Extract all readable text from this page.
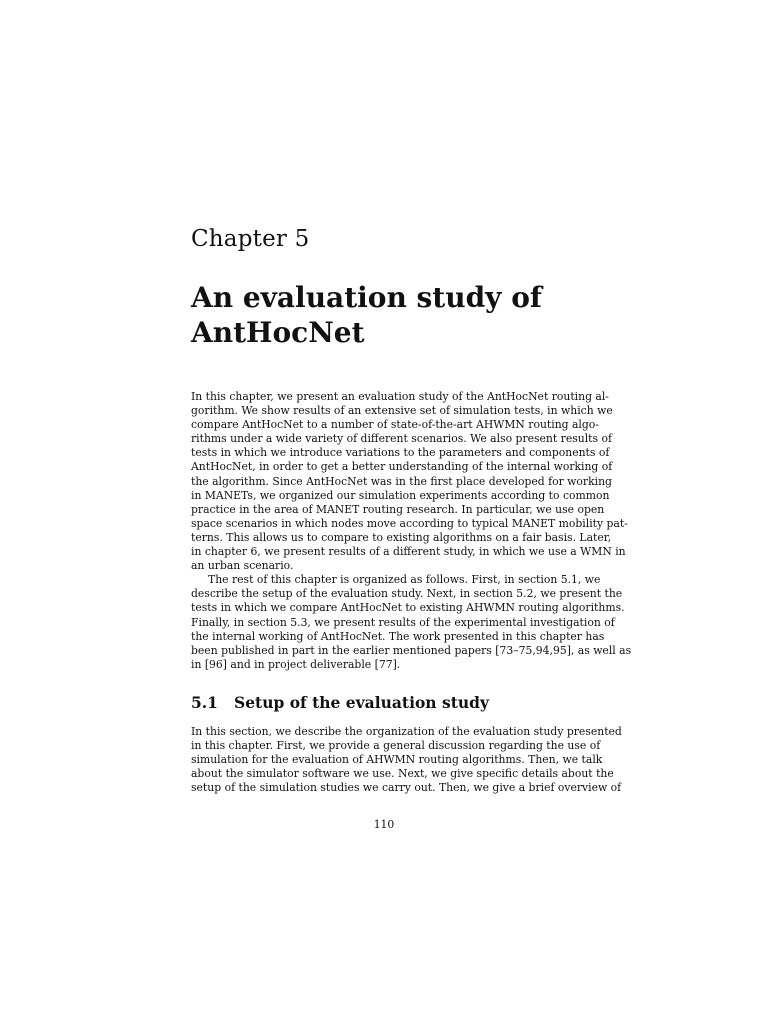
Chapter 5
An evaluation study of
AntHocNet
In this chapter, we present an evaluation study of the AntHocNet routing al-
gorithm. We show results of an extensive set of simulation tests, in which we
compare AntHocNet to a number of state-of-the-art AHWMN routing algo-
rithms under a wide variety of different scenarios. We also present results of
tests in which we introduce variations to the parameters and components of
AntHocNet, in order to get a better understanding of the internal working of
the algorithm. Since AntHocNet was in the first place developed for working
in MANETs, we organized our simulation experiments according to common
practice in the area of MANET routing research. In particular, we use open
space scenarios in which nodes move according to typical MANET mobility pat-
terns. This allows us to compare to existing algorithms on a fair basis. Later,
in chapter 6, we present results of a different study, in which we use a WMN in
an urban scenario.
The rest of this chapter is organized as follows. First, in section 5.1, we
describe the setup of the evaluation study. Next, in section 5.2, we present the
tests in which we compare AntHocNet to existing AHWMN routing algorithms.
Finally, in section 5.3, we present results of the experimental investigation of
the internal working of AntHocNet. The work presented in this chapter has
been published in part in the earlier mentioned papers [73–75,94,95], as well as
in [96] and in project deliverable [77].
5.1 Setup of the evaluation study
In this section, we describe the organization of the evaluation study presented
in this chapter. First, we provide a general discussion regarding the use of
simulation for the evaluation of AHWMN routing algorithms. Then, we talk
about the simulator software we use. Next, we give specific details about the
setup of the simulation studies we carry out. Then, we give a brief overview of
110
